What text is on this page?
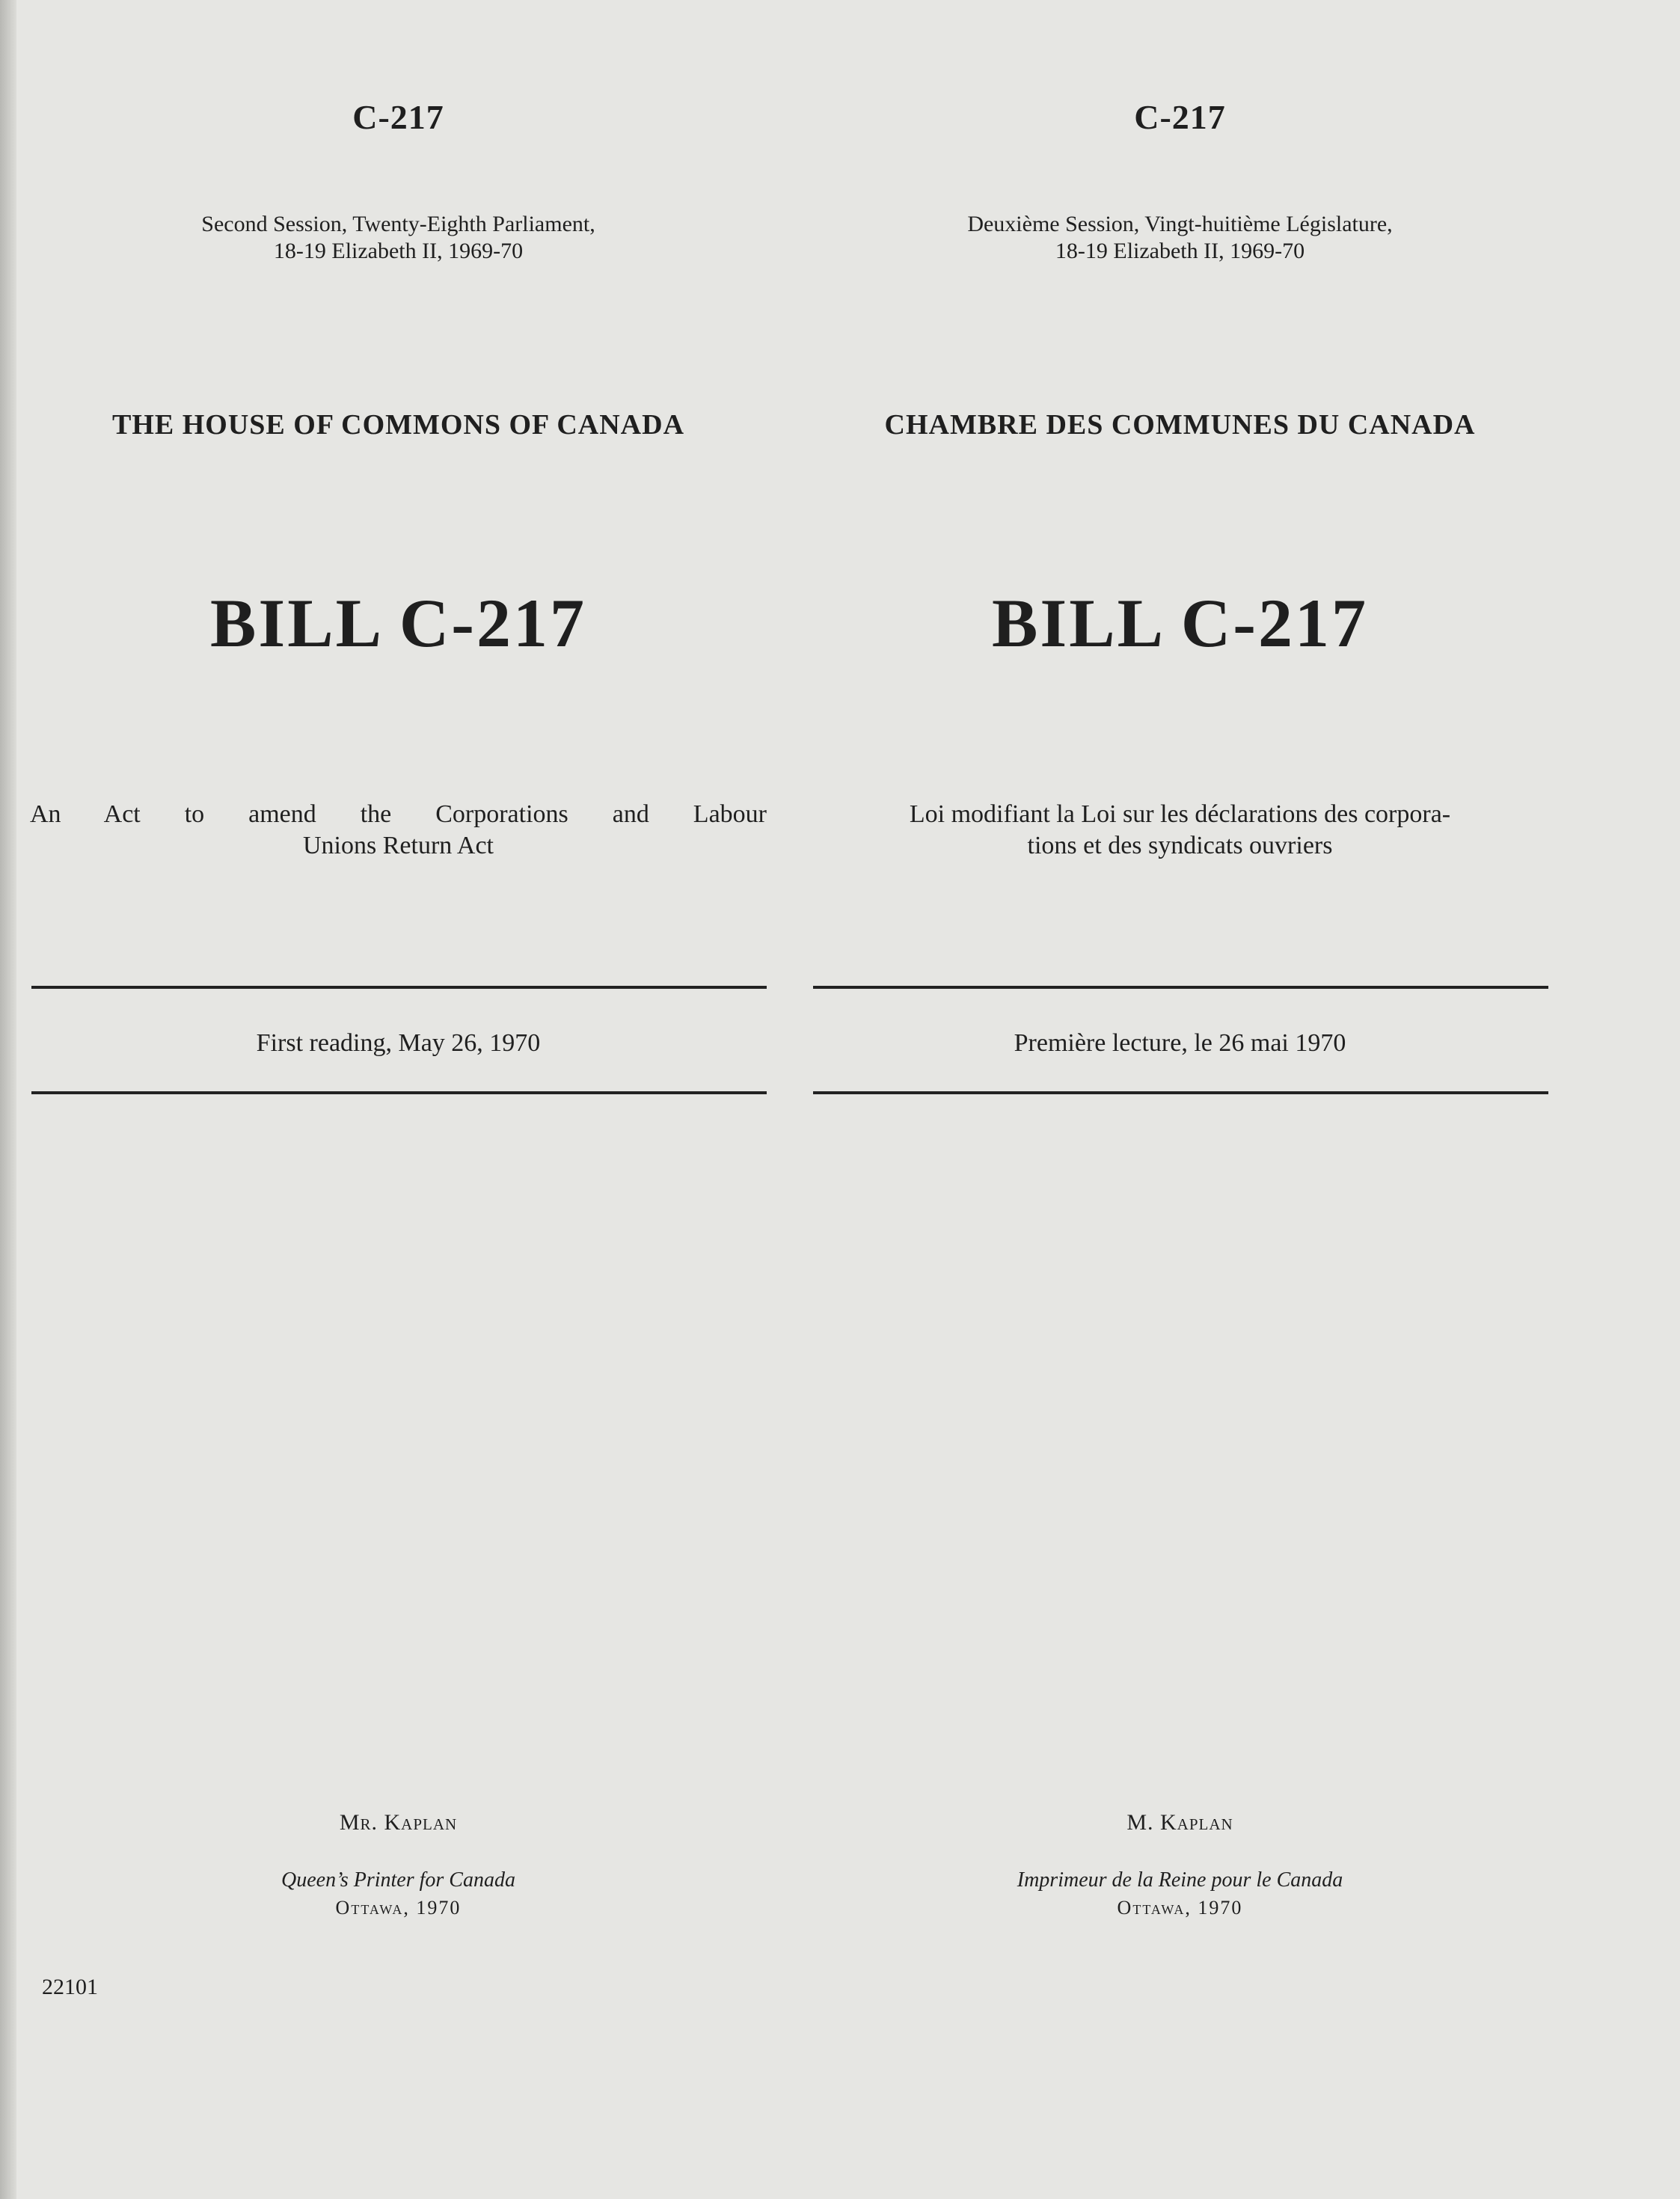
C-217
Second Session, Twenty-Eighth Parliament,
18-19 Elizabeth II, 1969-70
THE HOUSE OF COMMONS OF CANADA
BILL C-217
An Act to amend the Corporations and Labour
Unions Return Act
First reading, May 26, 1970
Mr. Kaplan
Queen’s Printer for Canada
Ottawa, 1970
C-217
Deuxième Session, Vingt-huitième Législature,
18-19 Elizabeth II, 1969-70
CHAMBRE DES COMMUNES DU CANADA
BILL C-217
Loi modifiant la Loi sur les déclarations des corpora-
tions et des syndicats ouvriers
Première lecture, le 26 mai 1970
M. Kaplan
Imprimeur de la Reine pour le Canada
Ottawa, 1970
22101
